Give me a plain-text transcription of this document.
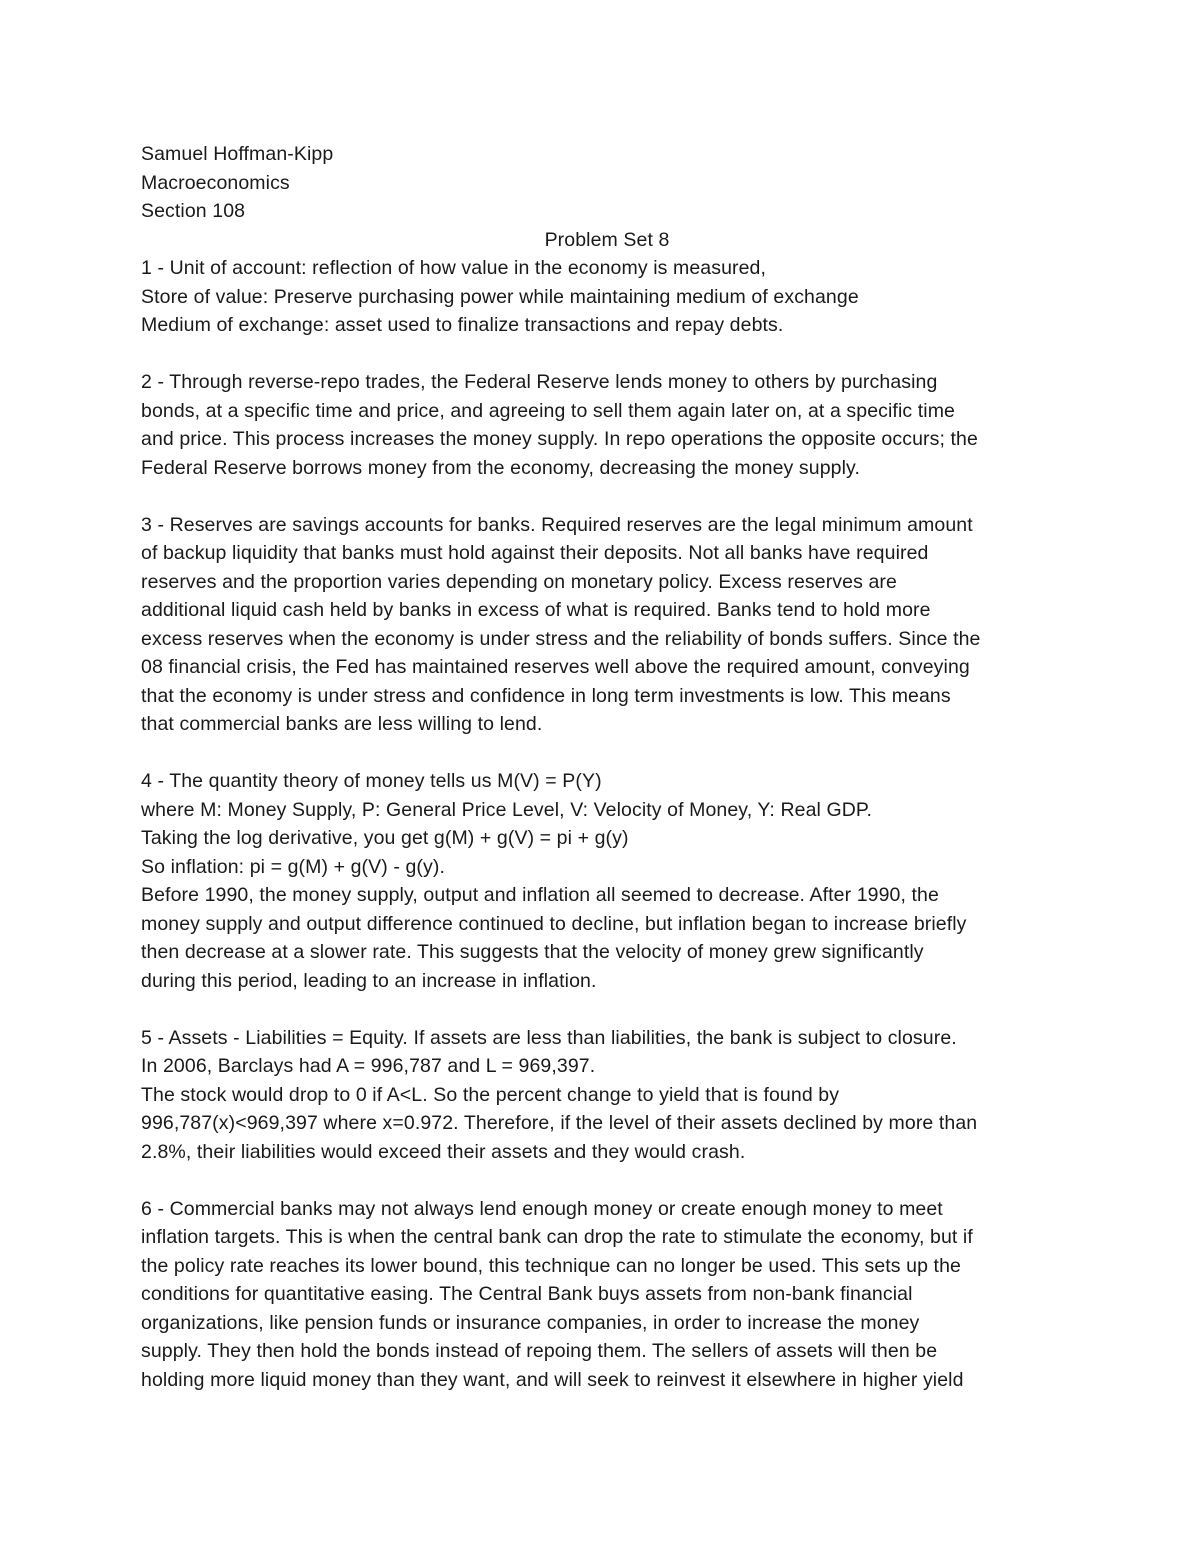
Samuel Hoffman-Kipp
Macroeconomics
Section 108
Problem Set 8
1 - Unit of account: reflection of how value in the economy is measured,
Store of value: Preserve purchasing power while maintaining medium of exchange
Medium of exchange: asset used to finalize transactions and repay debts.
2 - Through reverse-repo trades, the Federal Reserve lends money to others by purchasing
bonds, at a specific time and price, and agreeing to sell them again later on, at a specific time
and price. This process increases the money supply. In repo operations the opposite occurs; the
Federal Reserve borrows money from the economy, decreasing the money supply.
3 - Reserves are savings accounts for banks. Required reserves are the legal minimum amount
of backup liquidity that banks must hold against their deposits. Not all banks have required
reserves and the proportion varies depending on monetary policy. Excess reserves are
additional liquid cash held by banks in excess of what is required. Banks tend to hold more
excess reserves when the economy is under stress and the reliability of bonds suffers. Since the
08 financial crisis, the Fed has maintained reserves well above the required amount, conveying
that the economy is under stress and confidence in long term investments is low. This means
that commercial banks are less willing to lend.
4 - The quantity theory of money tells us M(V) = P(Y)
where M: Money Supply, P: General Price Level, V: Velocity of Money, Y: Real GDP.
Taking the log derivative, you get g(M) + g(V) = pi + g(y)
So inflation: pi = g(M) + g(V) - g(y).
Before 1990, the money supply, output and inflation all seemed to decrease. After 1990, the
money supply and output difference continued to decline, but inflation began to increase briefly
then decrease at a slower rate. This suggests that the velocity of money grew significantly
during this period, leading to an increase in inflation.
5 - Assets - Liabilities = Equity. If assets are less than liabilities, the bank is subject to closure.
In 2006, Barclays had A = 996,787 and L = 969,397.
The stock would drop to 0 if A<L. So the percent change to yield that is found by
996,787(x)<969,397 where x=0.972. Therefore, if the level of their assets declined by more than
2.8%, their liabilities would exceed their assets and they would crash.
6 - Commercial banks may not always lend enough money or create enough money to meet
inflation targets. This is when the central bank can drop the rate to stimulate the economy, but if
the policy rate reaches its lower bound, this technique can no longer be used. This sets up the
conditions for quantitative easing. The Central Bank buys assets from non-bank financial
organizations, like pension funds or insurance companies, in order to increase the money
supply. They then hold the bonds instead of repoing them. The sellers of assets will then be
holding more liquid money than they want, and will seek to reinvest it elsewhere in higher yield
